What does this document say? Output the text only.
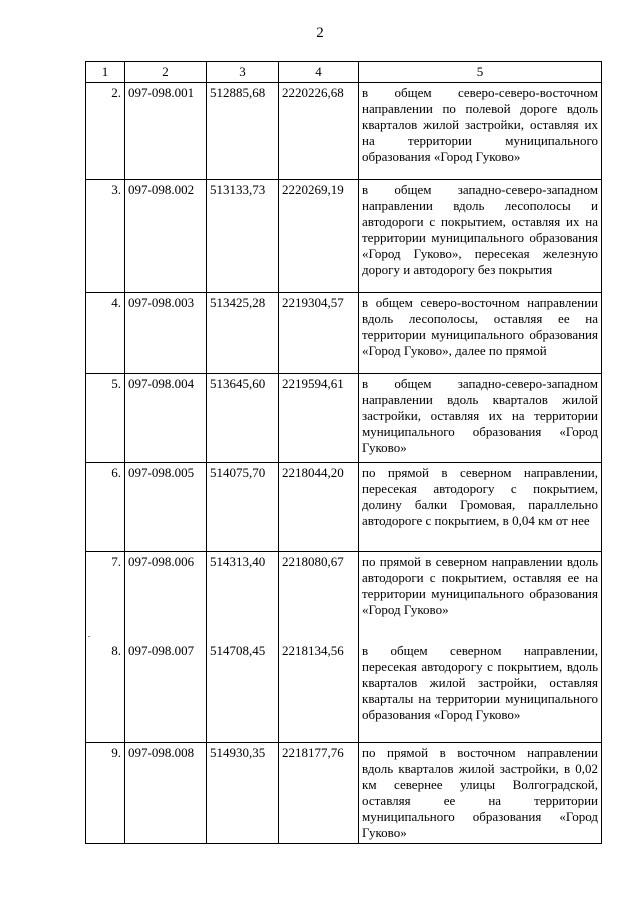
2
1	2	3	4	5
2.	097-098.001	512885,68	2220226,68	в общем северо-северо-восточном направлении по полевой дороге вдоль кварталов жилой застройки, оставляя их на территории муниципального образования «Город Гуково»
3.	097-098.002	513133,73	2220269,19	в общем западно-северо-западном направлении вдоль лесополосы и автодороги с покрытием, оставляя их на территории муниципального образования «Город Гуково», пересекая железную дорогу и автодорогу без покрытия
4.	097-098.003	513425,28	2219304,57	в общем северо-восточном направлении вдоль лесополосы, оставляя ее на территории муниципального образования «Город Гуково», далее по прямой
5.	097-098.004	513645,60	2219594,61	в общем западно-северо-западном направлении вдоль кварталов жилой застройки, оставляя их на территории муниципального образования «Город Гуково»
6.	097-098.005	514075,70	2218044,20	по прямой в северном направлении, пересекая автодорогу с покрытием, долину балки Громовая, параллельно автодороге с покрытием, в 0,04 км от нее
7.	097-098.006	514313,40	2218080,67	по прямой в северном направлении вдоль автодороги с покрытием, оставляя ее на территории муниципального образования «Город Гуково»
8.	097-098.007	514708,45	2218134,56	в общем северном направлении, пересекая автодорогу с покрытием, вдоль кварталов жилой застройки, оставляя кварталы на территории муниципального образования «Город Гуково»
9.	097-098.008	514930,35	2218177,76	по прямой в восточном направлении вдоль кварталов жилой застройки, в 0,02 км севернее улицы Волгоградской, оставляя ее на территории муниципального образования «Город Гуково»
